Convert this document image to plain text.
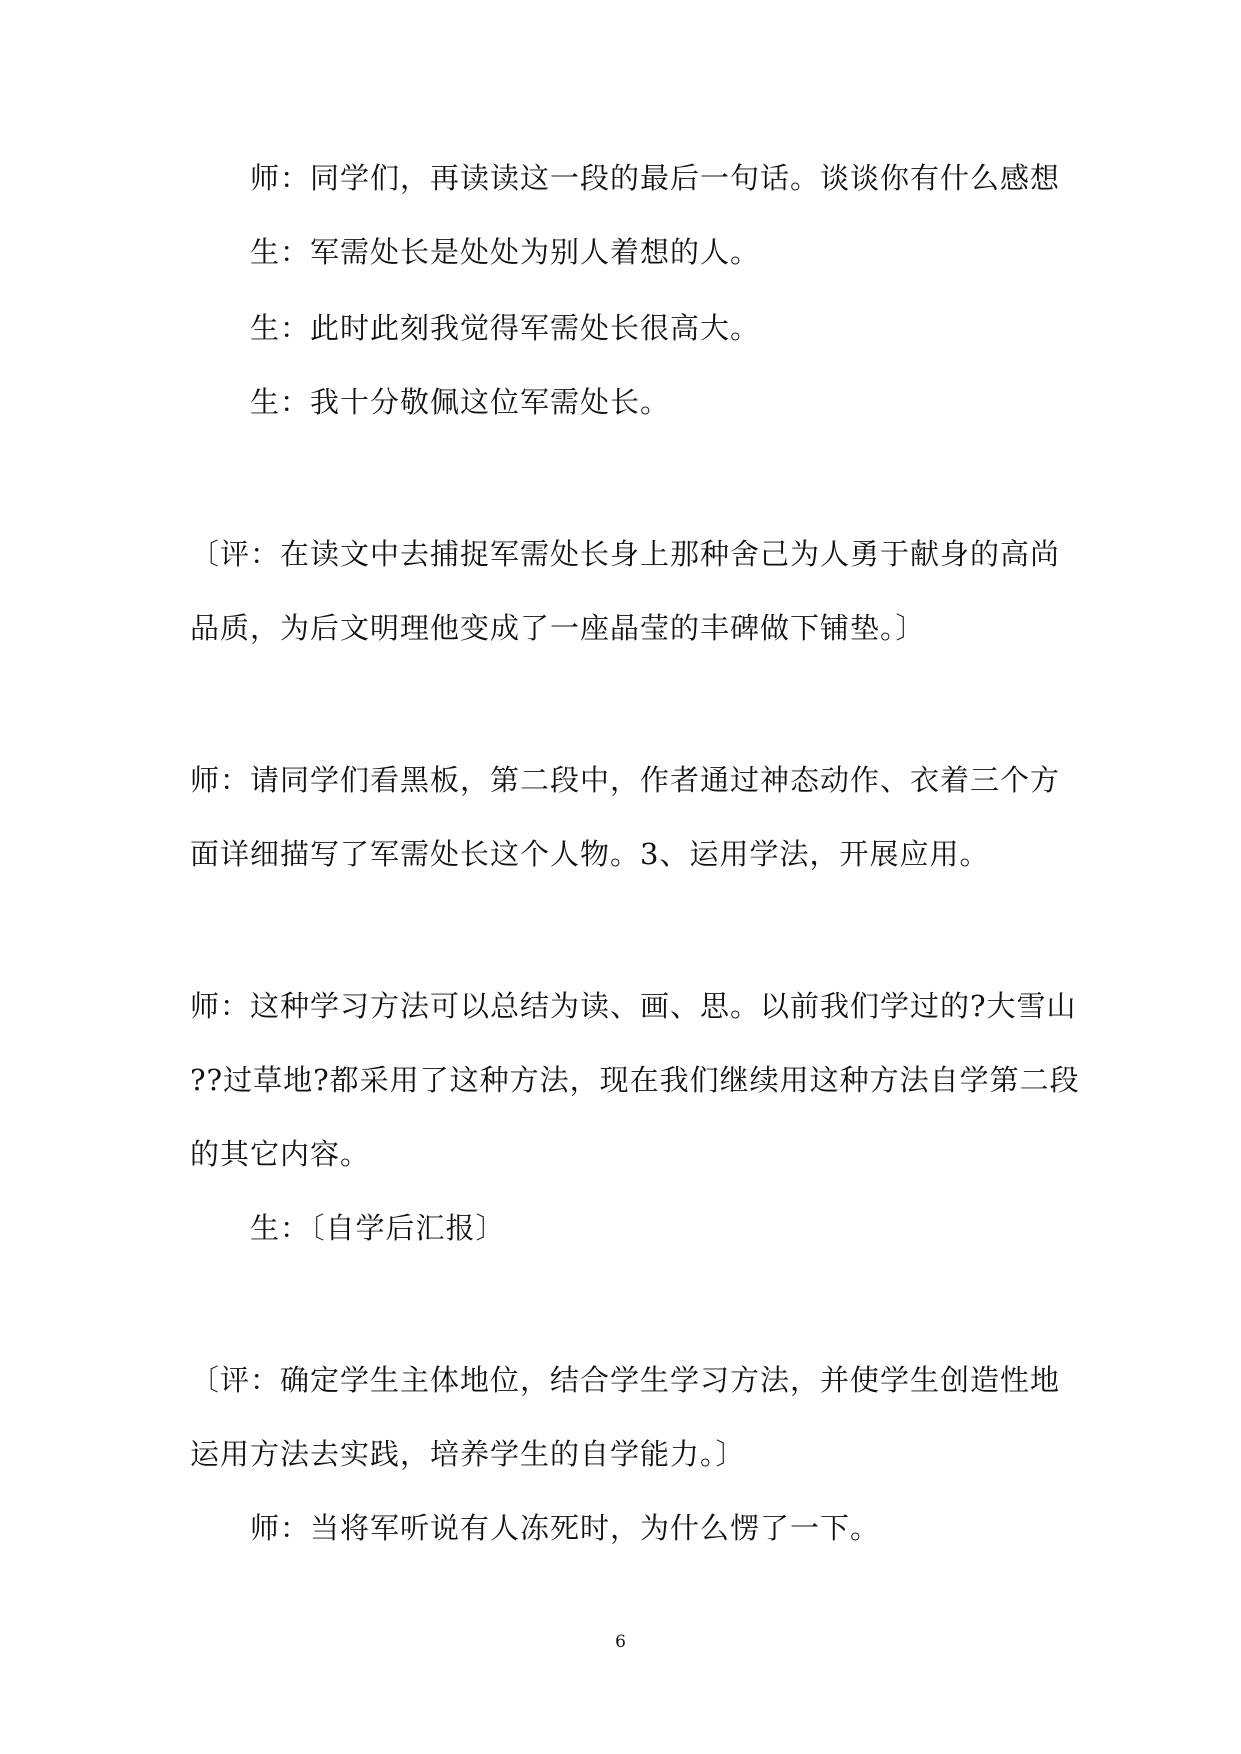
师：同学们，再读读这一段的最后一句话。谈谈你有什么感想
生：军需处长是处处为别人着想的人。
生：此时此刻我觉得军需处长很高大。
生：我十分敬佩这位军需处长。
〔评：在读文中去捕捉军需处长身上那种舍己为人勇于献身的高尚
品质，为后文明理他变成了一座晶莹的丰碑做下铺垫。〕
师：请同学们看黑板，第二段中，作者通过神态动作、衣着三个方
面详细描写了军需处长这个人物。3、运用学法，开展应用。
师：这种学习方法可以总结为读、画、思。以前我们学过的?大雪山
??过草地?都采用了这种方法，现在我们继续用这种方法自学第二段
的其它内容。
生：〔自学后汇报〕
〔评：确定学生主体地位，结合学生学习方法，并使学生创造性地
运用方法去实践，培养学生的自学能力。〕
师：当将军听说有人冻死时，为什么愣了一下。
6
